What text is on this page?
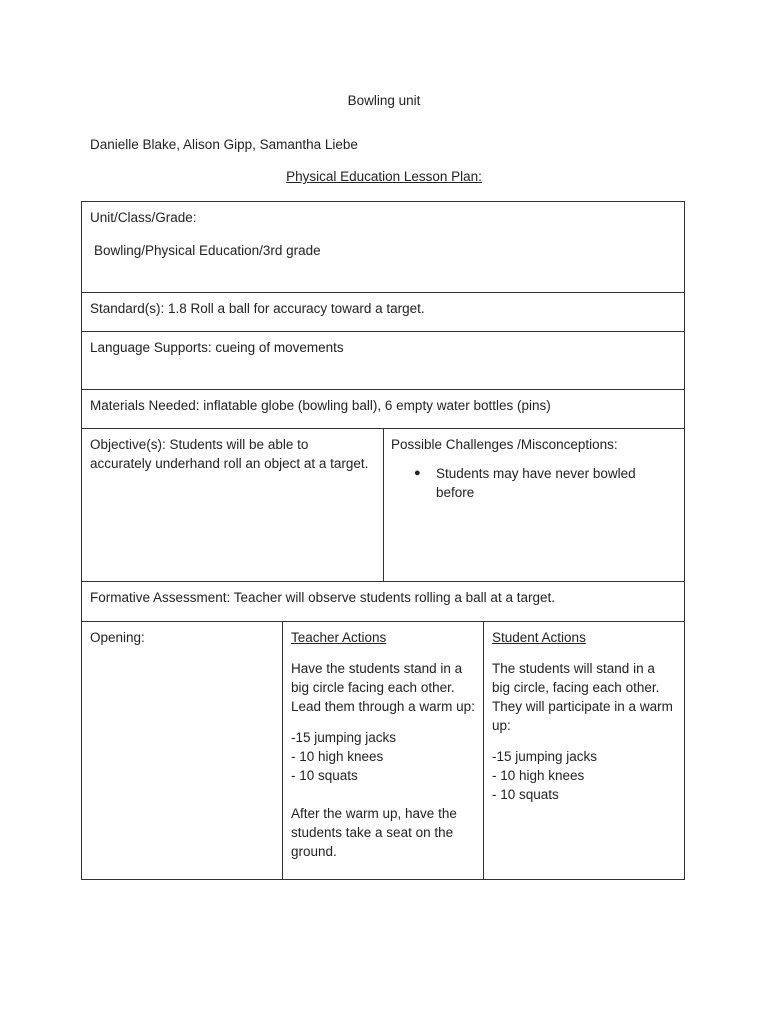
Bowling unit
Danielle Blake, Alison Gipp, Samantha Liebe
Physical Education Lesson Plan:

Unit/Class/Grade:

Bowling/Physical Education/3rd grade

Standard(s): 1.8 Roll a ball for accuracy toward a target.

Language Supports: cueing of movements

Materials Needed: inflatable globe (bowling ball), 6 empty water bottles (pins)

Objective(s): Students will be able to accurately underhand roll an object at a target.

Possible Challenges /Misconceptions:

● Students may have never bowled before

Formative Assessment: Teacher will observe students rolling a ball at a target.

Opening:	Teacher Actions

Have the students stand in a big circle facing each other. Lead them through a warm up:

-15 jumping jacks

- 10 high knees

- 10 squats

After the warm up, have the students take a seat on the ground.

Student Actions

The students will stand in a big circle, facing each other. They will participate in a warm up:

-15 jumping jacks

- 10 high knees

- 10 squats
